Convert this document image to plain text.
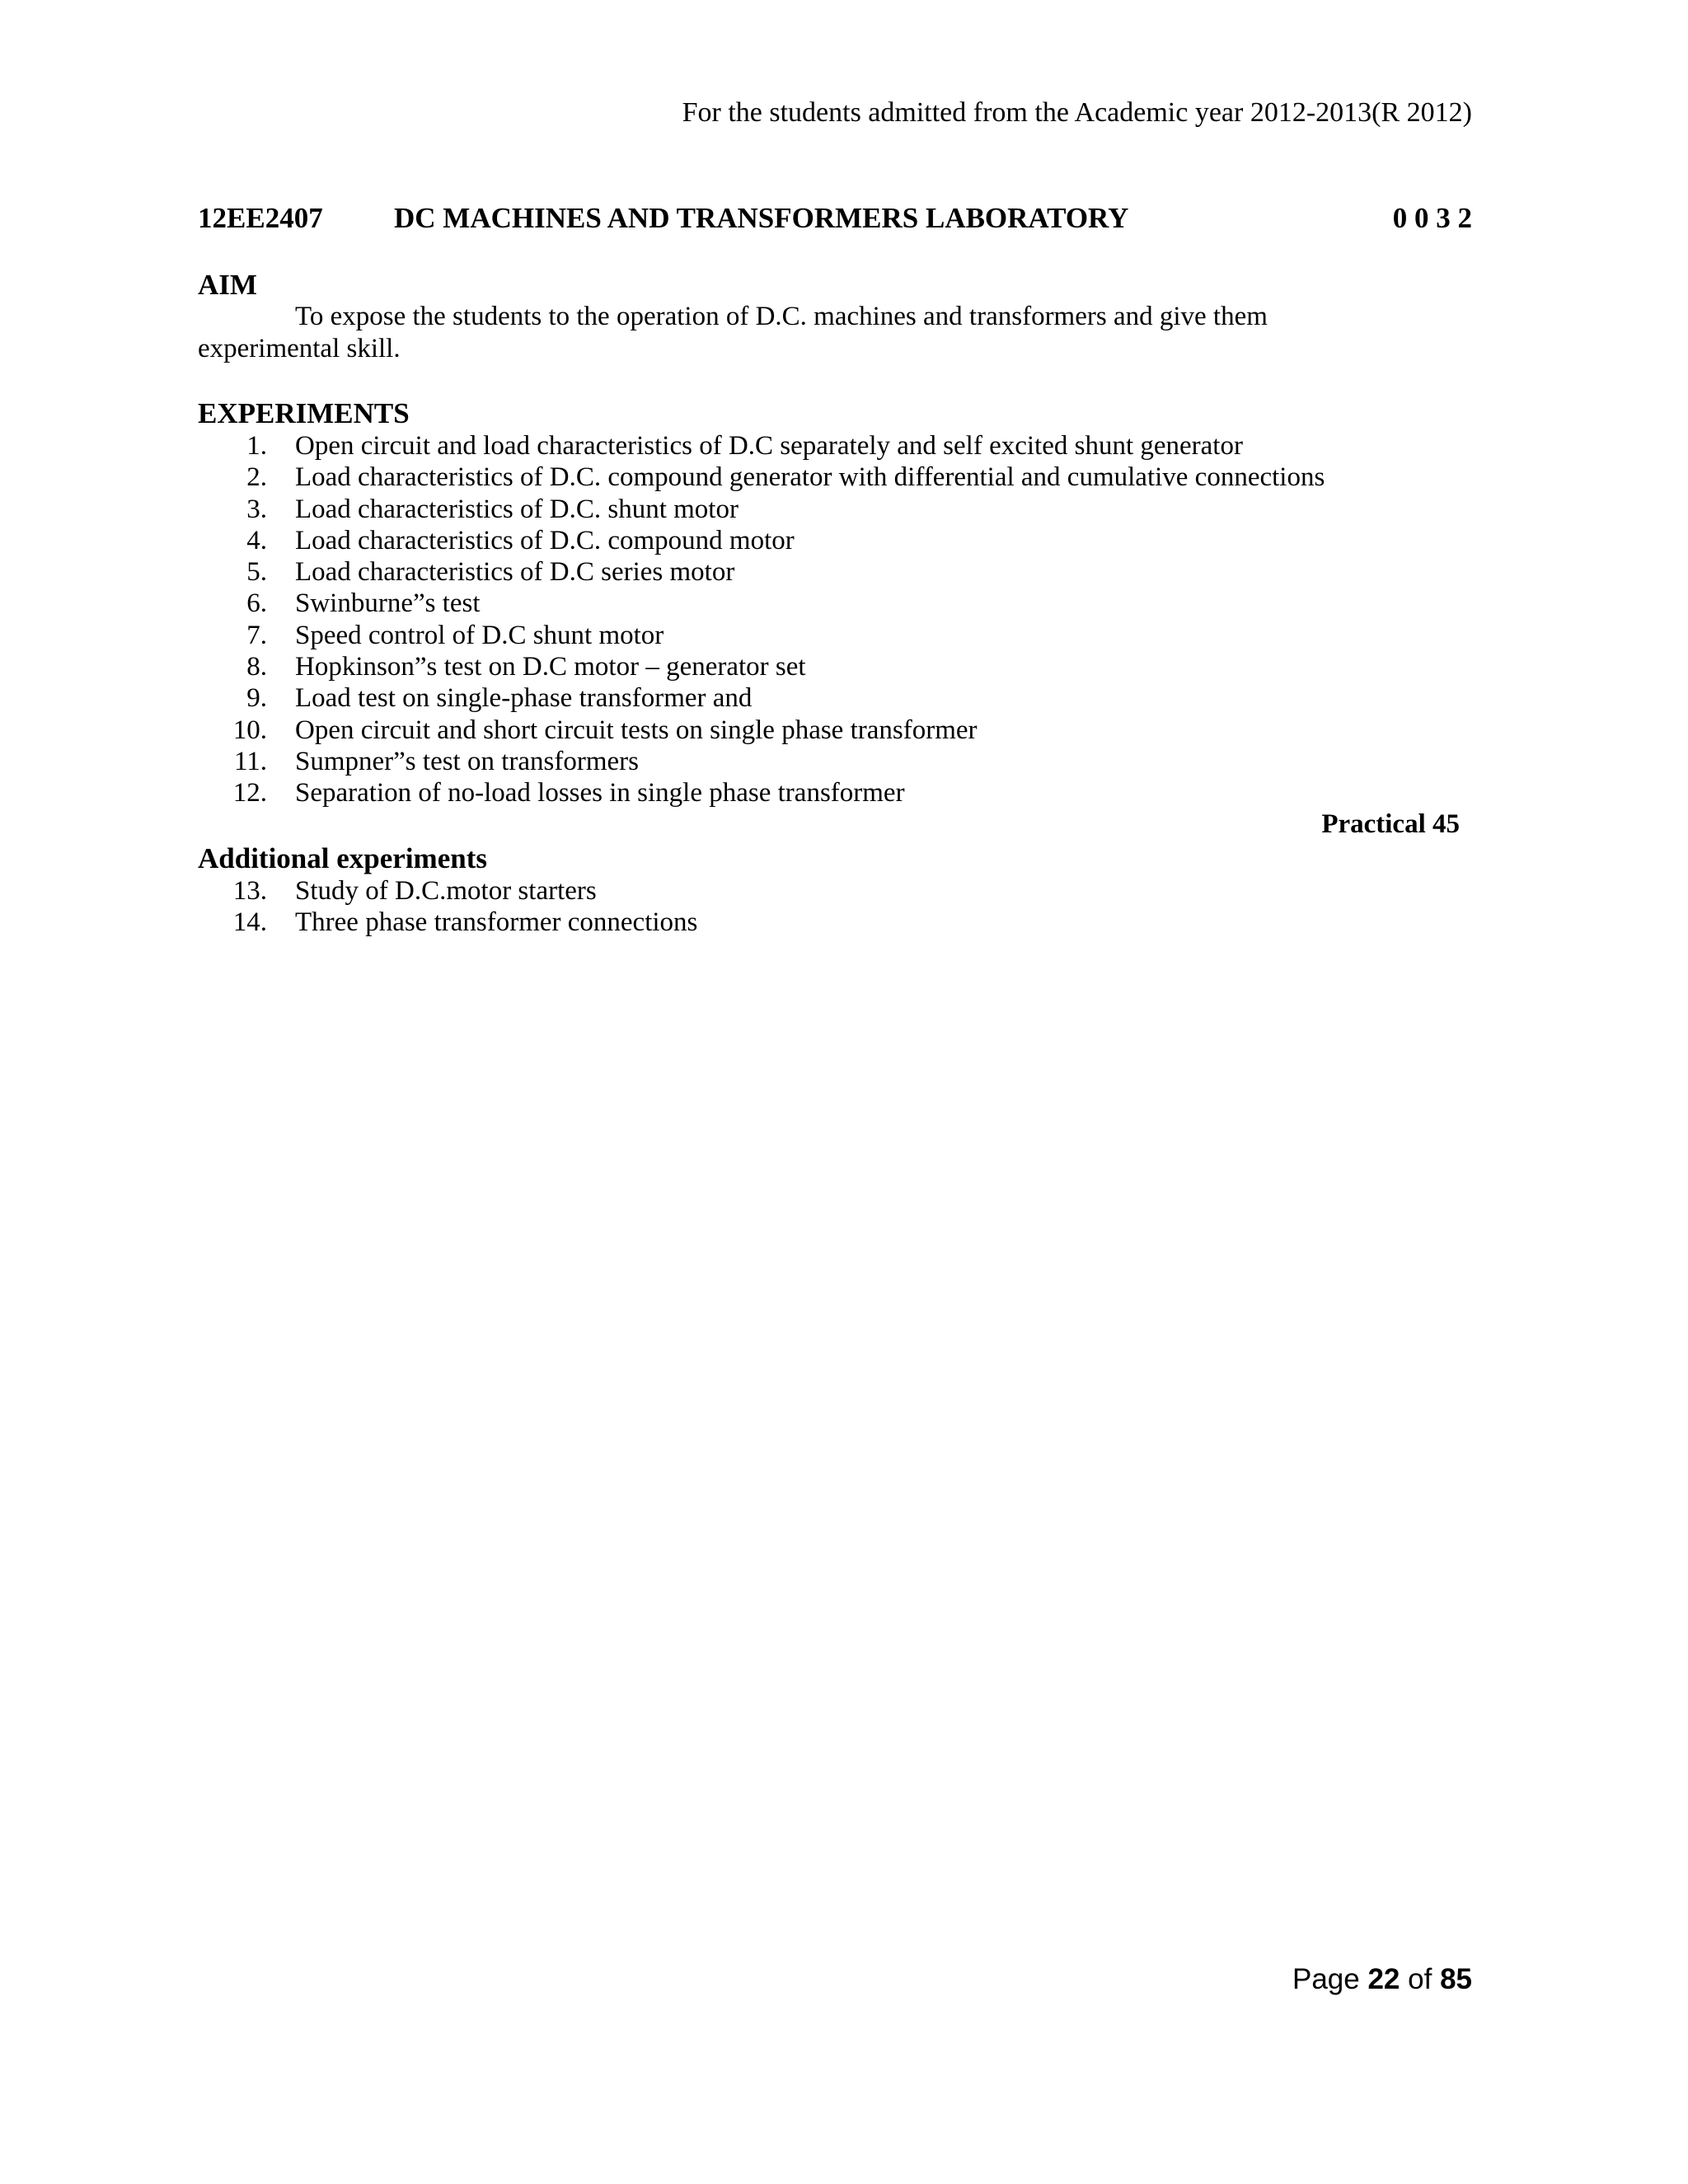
For the students admitted from the Academic year 2012-2013(R 2012)
12EE2407 DC MACHINES AND TRANSFORMERS LABORATORY	0 0 3 2
AIM

To expose the students to the operation of D.C. machines and transformers and give them experimental skill.

EXPERIMENTS
1. Open circuit and load characteristics of D.C separately and self excited shunt generator
2. Load characteristics of D.C. compound generator with differential and cumulative connections
3. Load characteristics of D.C. shunt motor
4. Load characteristics of D.C. compound motor
5. Load characteristics of D.C series motor
6. Swinburne”s test
7. Speed control of D.C shunt motor
8. Hopkinson”s test on D.C motor – generator set
9. Load test on single-phase transformer and
10. Open circuit and short circuit tests on single phase transformer
11. Sumpner”s test on transformers
12. Separation of no-load losses in single phase transformer
Practical 45
Additional experiments
13. Study of D.C.motor starters
14. Three phase transformer connections
Page 22 of 85
